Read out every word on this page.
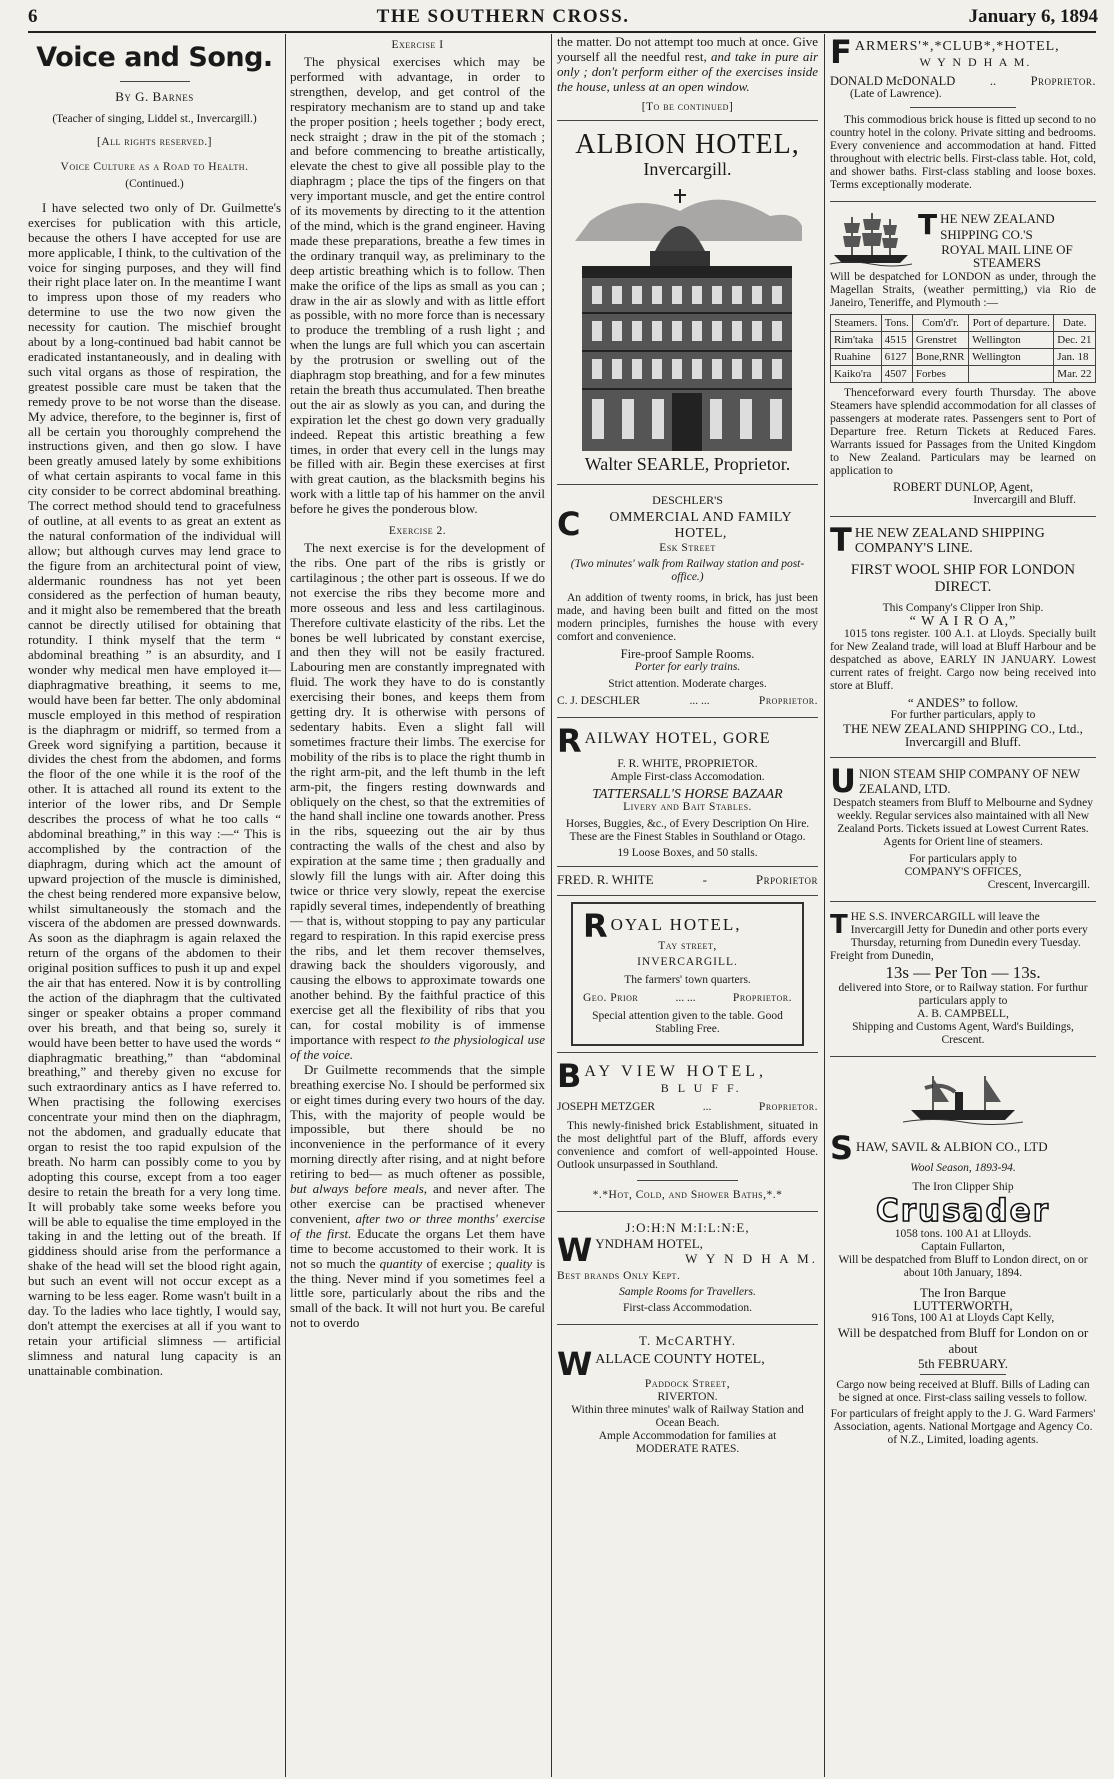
6	THE SOUTHERN CROSS.	January 6, 1894
Voice and Song.
By G. Barnes
(Teacher of singing, Liddel st., Invercargill.)
[All rights reserved.]
Voice Culture as a Road to Health.
(Continued.)

I have selected two only of Dr. Guilmette's exercises for publication with this article, because the others I have accepted for use are more applicable, I think, to the cultivation of the voice for singing purposes, and they will find their right place later on. In the meantime I want to impress upon those of my readers who determine to use the two now given the necessity for caution. The mischief brought about by a long-continued bad habit cannot be eradicated instantaneously, and in dealing with such vital organs as those of respiration, the greatest possible care must be taken that the remedy prove to be not worse than the disease. My advice, therefore, to the beginner is, first of all be certain you thoroughly comprehend the instructions given, and then go slow. I have been greatly amused lately by some exhibitions of what certain aspirants to vocal fame in this city consider to be correct abdominal breathing. The correct method should tend to gracefulness of outline, at all events to as great an extent as the natural conformation of the individual will allow; but although curves may lend grace to the figure from an architectural point of view, aldermanic roundness has not yet been considered as the perfection of human beauty, and it might also be remembered that the breath cannot be directly utilised for obtaining that rotundity. I think myself that the term “ abdominal breathing ” is an absurdity, and I wonder why medical men have employed it—diaphragmative breathing, it seems to me, would have been far better. The only abdominal muscle employed in this method of respiration is the diaphragm or midriff, so termed from a Greek word signifying a partition, because it divides the chest from the abdomen, and forms the floor of the one while it is the roof of the other. It is attached all round its extent to the interior of the lower ribs, and Dr Semple describes the process of what he too calls “ abdominal breathing,” in this way :—“ This is accomplished by the contraction of the diaphragm, during which act the amount of upward projection of the muscle is diminished, the chest being rendered more expansive below, whilst simultaneously the stomach and the viscera of the abdomen are pressed downwards. As soon as the diaphragm is again relaxed the return of the organs of the abdomen to their original position suffices to push it up and expel the air that has entered. Now it is by controlling the action of the diaphragm that the cultivated singer or speaker obtains a proper command over his breath, and that being so, surely it would have been better to have used the words “ diaphragmatic breathing,” than “abdominal breathing,” and thereby given no excuse for such extraordinary antics as I have referred to. When practising the following exercises concentrate your mind then on the diaphragm, not the abdomen, and gradually educate that organ to resist the too rapid expulsion of the breath. No harm can possibly come to you by adopting this course, except from a too eager desire to retain the breath for a very long time. It will probably take some weeks before you will be able to equalise the time employed in the taking in and the letting out of the breath. If giddiness should arise from the performance a shake of the head will set the blood right again, but such an event will not occur except as a warning to be less eager. Rome wasn't built in a day. To the ladies who lace tightly, I would say, don't attempt the exercises at all if you want to retain your artificial slimness — artificial slimness and natural lung capacity is an unattainable combination.

Exercise I

The physical exercises which may be performed with advantage, in order to strengthen, develop, and get control of the respiratory mechanism are to stand up and take the proper position ; heels together ; body erect, neck straight ; draw in the pit of the stomach ; and before commencing to breathe artistically, elevate the chest to give all possible play to the diaphragm ; place the tips of the fingers on that very important muscle, and get the entire control of its movements by directing to it the attention of the mind, which is the grand engineer. Having made these preparations, breathe a few times in the ordinary tranquil way, as preliminary to the deep artistic breathing which is to follow. Then make the orifice of the lips as small as you can ; draw in the air as slowly and with as little effort as possible, with no more force than is necessary to produce the trembling of a rush light ; and when the lungs are full which you can ascertain by the protrusion or swelling out of the diaphragm stop breathing, and for a few minutes retain the breath thus accumulated. Then breathe out the air as slowly as you can, and during the expiration let the chest go down very gradually indeed. Repeat this artistic breathing a few times, in order that every cell in the lungs may be filled with air. Begin these exercises at first with great caution, as the blacksmith begins his work with a little tap of his hammer on the anvil before he gives the ponderous blow.

Exercise 2.

The next exercise is for the development of the ribs. One part of the ribs is gristly or cartilaginous ; the other part is osseous. If we do not exercise the ribs they become more and more osseous and less and less cartilaginous. Therefore cultivate elasticity of the ribs. Let the bones be well lubricated by constant exercise, and then they will not be easily fractured. Labouring men are constantly impregnated with fluid. The work they have to do is constantly exercising their bones, and keeps them from getting dry. It is otherwise with persons of sedentary habits. Even a slight fall will sometimes fracture their limbs. The exercise for mobility of the ribs is to place the right thumb in the right arm-pit, and the left thumb in the left arm-pit, the fingers resting downwards and obliquely on the chest, so that the extremities of the hand shall incline one towards another. Press in the ribs, squeezing out the air by thus contracting the walls of the chest and also by expiration at the same time ; then gradually and slowly fill the lungs with air. After doing this twice or thrice very slowly, repeat the exercise rapidly several times, independently of breathing — that is, without stopping to pay any particular regard to respiration. In this rapid exercise press the ribs, and let them recover themselves, drawing back the shoulders vigorously, and causing the elbows to approximate towards one another behind. By the faithful practice of this exercise get all the flexibility of ribs that you can, for costal mobility is of immense importance with respect to the physiological use of the voice.

Dr Guilmette recommends that the simple breathing exercise No. I should be performed six or eight times during every two hours of the day. This, with the majority of people would be impossible, but there should be no inconvenience in the performance of it every morning directly after rising, and at night before retiring to bed— as much oftener as possible, but always before meals, and never after. The other exercise can be practised whenever convenient, after two or three months' exercise of the first. Educate the organs Let them have time to become accustomed to their work. It is not so much the quantity of exercise ; quality is the thing. Never mind if you sometimes feel a little sore, particularly about the ribs and the small of the back. It will not hurt you. Be careful not to overdo

the matter. Do not attempt too much at once. Give yourself all the needful rest, and take in pure air only ; don't perform either of the exercises inside the house, unless at an open window.

[To be continued]
ALBION HOTEL,
Invercargill.
Walter SEARLE, Proprietor.
DESCHLER'S
C	OMMERCIAL AND FAMILY HOTEL,
Esk Street
(Two minutes' walk from Railway station and post-office.)

An addition of twenty rooms, in brick, has just been made, and having been built and fitted on the most modern principles, furnishes the house with every comfort and convenience.

Fire-proof Sample Rooms.
Porter for early trains.
Strict attention. Moderate charges.
C. J. DESCHLER	... ...	Proprietor.
R AILWAY HOTEL, GORE
F. R. WHITE, PROPRIETOR.
Ample First-class Accomodation.
TATTERSALL'S HORSE BAZAAR
Livery and Bait Stables.
Horses, Buggies, &c., of Every Description On Hire. These are the Finest Stables in Southland or Otago.
19 Loose Boxes, and 50 stalls.
FRED. R. WHITE	-	Prporietor
R OYAL HOTEL,
Tay street,
INVERCARGILL.
The farmers' town quarters.
Geo. Prior	... ...	Proprietor.
Special attention given to the table. Good Stabling Free.
B AY VIEW HOTEL,
B L U F F.
JOSEPH METZGER	...	Proprietor.

This newly-finished brick Establishment, situated in the most delightful part of the Bluff, affords every convenience and comfort of well-appointed House. Outlook unsurpassed in Southland.

*.*Hot, Cold, and Shower Baths,*.*
J:O:H:N M:I:L:N:E,
W YNDHAM HOTEL,
W Y N D H A M.
Best brands Only Kept.
Sample Rooms for Travellers.
First-class Accommodation.
T. McCARTHY.
W ALLACE COUNTY HOTEL,
Paddock Street,
RIVERTON.
Within three minutes' walk of Railway Station and Ocean Beach.
Ample Accommodation for families at
MODERATE RATES.
F ARMERS'*,*CLUB*,*HOTEL,
W Y N D H A M.
DONALD McDONALD	..	Proprietor.
(Late of Lawrence).

This commodious brick house is fitted up second to no country hotel in the colony. Private sitting and bedrooms. Every convenience and accommodation at hand. Fitted throughout with electric bells. First-class table. Hot, cold, and shower baths. First-class stabling and loose boxes. Terms exceptionally moderate.

T HE NEW ZEALAND SHIPPING CO.'S
ROYAL MAIL LINE OF STEAMERS

Will be despatched for LONDON as under, through the Magellan Straits, (weather permitting,) via Rio de Janeiro, Teneriffe, and Plymouth :—

Steamers.	Tons.	Com'd'r.	Port of departure.	Date.
Rim'taka	4515	Grenstret	Wellington	Dec. 21
Ruahine	6127	Bone,RNR	Wellington	Jan. 18
Kaiko'ra	4507	Forbes		Mar. 22

Thenceforward every fourth Thursday. The above Steamers have splendid accommodation for all classes of passengers at moderate rates. Passengers sent to Port of Departure free. Return Tickets at Reduced Fares. Warrants issued for Passages from the United Kingdom to New Zealand. Particulars may be learned on application to

ROBERT DUNLOP, Agent,
Invercargill and Bluff.
T HE NEW ZEALAND SHIPPING COMPANY'S LINE.
FIRST WOOL SHIP FOR LONDON DIRECT.
This Company's Clipper Iron Ship.
“ W A I R O A,”

1015 tons register. 100 A.1. at Lloyds. Specially built for New Zealand trade, will load at Bluff Harbour and be despatched as above, EARLY IN JANUARY. Lowest current rates of freight. Cargo now being received into store at Bluff.

“ ANDES” to follow.
For further particulars, apply to
THE NEW ZEALAND SHIPPING CO., Ltd., Invercargill and Bluff.
U NION STEAM SHIP COMPANY OF NEW ZEALAND, LTD.
Despatch steamers from Bluff to Melbourne and Sydney weekly. Regular services also maintained with all New Zealand Ports. Tickets issued at Lowest Current Rates. Agents for Orient line of steamers.
For particulars apply to
COMPANY'S OFFICES,
Crescent, Invercargill.
T HE S.S. INVERCARGILL will leave the Invercargill Jetty for Dunedin and other ports every Thursday, returning from Dunedin every Tuesday. Freight from Dunedin,
13s — Per Ton — 13s.
delivered into Store, or to Railway station. For furthur particulars apply to
A. B. CAMPBELL,
Shipping and Customs Agent, Ward's Buildings, Crescent.
S HAW, SAVIL & ALBION CO., LTD
Wool Season, 1893-94.
The Iron Clipper Ship
Crusader
1058 tons. 100 A1 at Llloyds.
Captain Fullarton,
Will be despatched from Bluff to London direct, on or about 10th January, 1894.
The Iron Barque
LUTTERWORTH,
916 Tons, 100 A1 at Lloyds Capt Kelly,
Will be despatched from Bluff for London on or about
5th FEBRUARY.
Cargo now being received at Bluff. Bills of Lading can be signed at once. First-class sailing vessels to follow.
For particulars of freight apply to the J. G. Ward Farmers' Association, agents. National Mortgage and Agency Co. of N.Z., Limited, loading agents.
